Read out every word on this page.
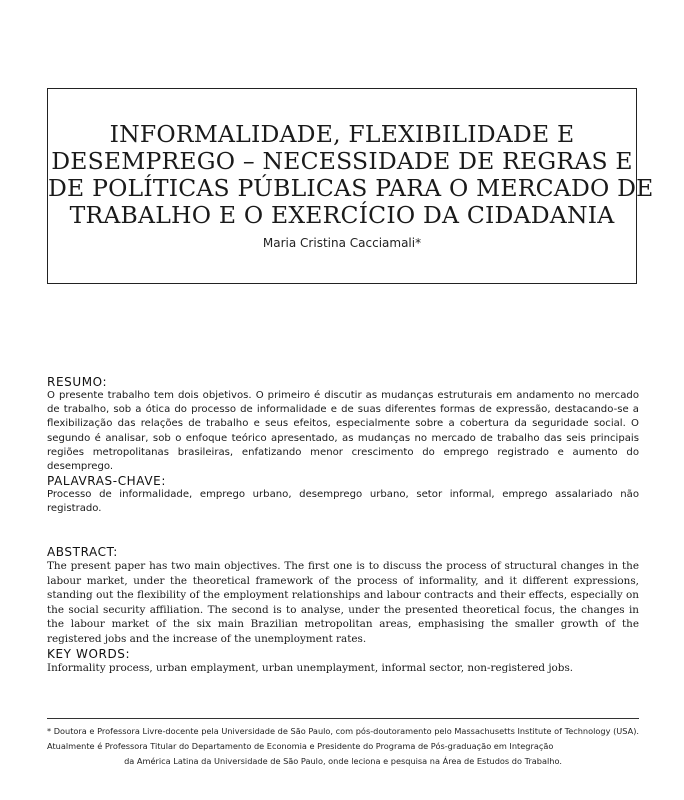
INFORMALIDADE, FLEXIBILIDADE E
DESEMPREGO – NECESSIDADE DE REGRAS E
DE POLÍTICAS PÚBLICAS PARA O MERCADO DE
TRABALHO E O EXERCÍCIO DA CIDADANIA
Maria Cristina Cacciamali*
RESUMO:

O presente trabalho tem dois objetivos. O primeiro é discutir as mudanças estruturais em andamento no mercado de trabalho, sob a ótica do processo de informalidade e de suas diferentes formas de expressão, destacando-se a flexibilização das relações de trabalho e seus efeitos, especialmente sobre a cobertura da seguridade social. O segundo é analisar, sob o enfoque teórico apresentado, as mudanças no mercado de trabalho das seis principais regiões metropolitanas brasileiras, enfatizando menor crescimento do emprego registrado e aumento do desemprego.

PALAVRAS-CHAVE:

Processo de informalidade, emprego urbano, desemprego urbano, setor informal, emprego assalariado não registrado.

ABSTRACT:

The present paper has two main objectives. The first one is to discuss the process of structural changes in the labour market, under the theoretical framework of the process of informality, and it different expressions, standing out the flexibility of the employment relationships and labour contracts and their effects, especially on the social security affiliation. The second is to analyse, under the presented theoretical focus, the changes in the labour market of the six main Brazilian metropolitan areas, emphasising the smaller growth of the registered jobs and the increase of the unemployment rates.

KEY WORDS:

Informality process, urban emplayment, urban unemplayment, informal sector, non-registered jobs.

* Doutora e Professora Livre-docente pela Universidade de São Paulo, com pós-doutoramento pelo Massachusetts Institute of Technology (USA). Atualmente é Professora Titular do Departamento de Economia e Presidente do Programa de Pós-graduação em Integração
da América Latina da Universidade de São Paulo, onde leciona e pesquisa na Área de Estudos do Trabalho.
